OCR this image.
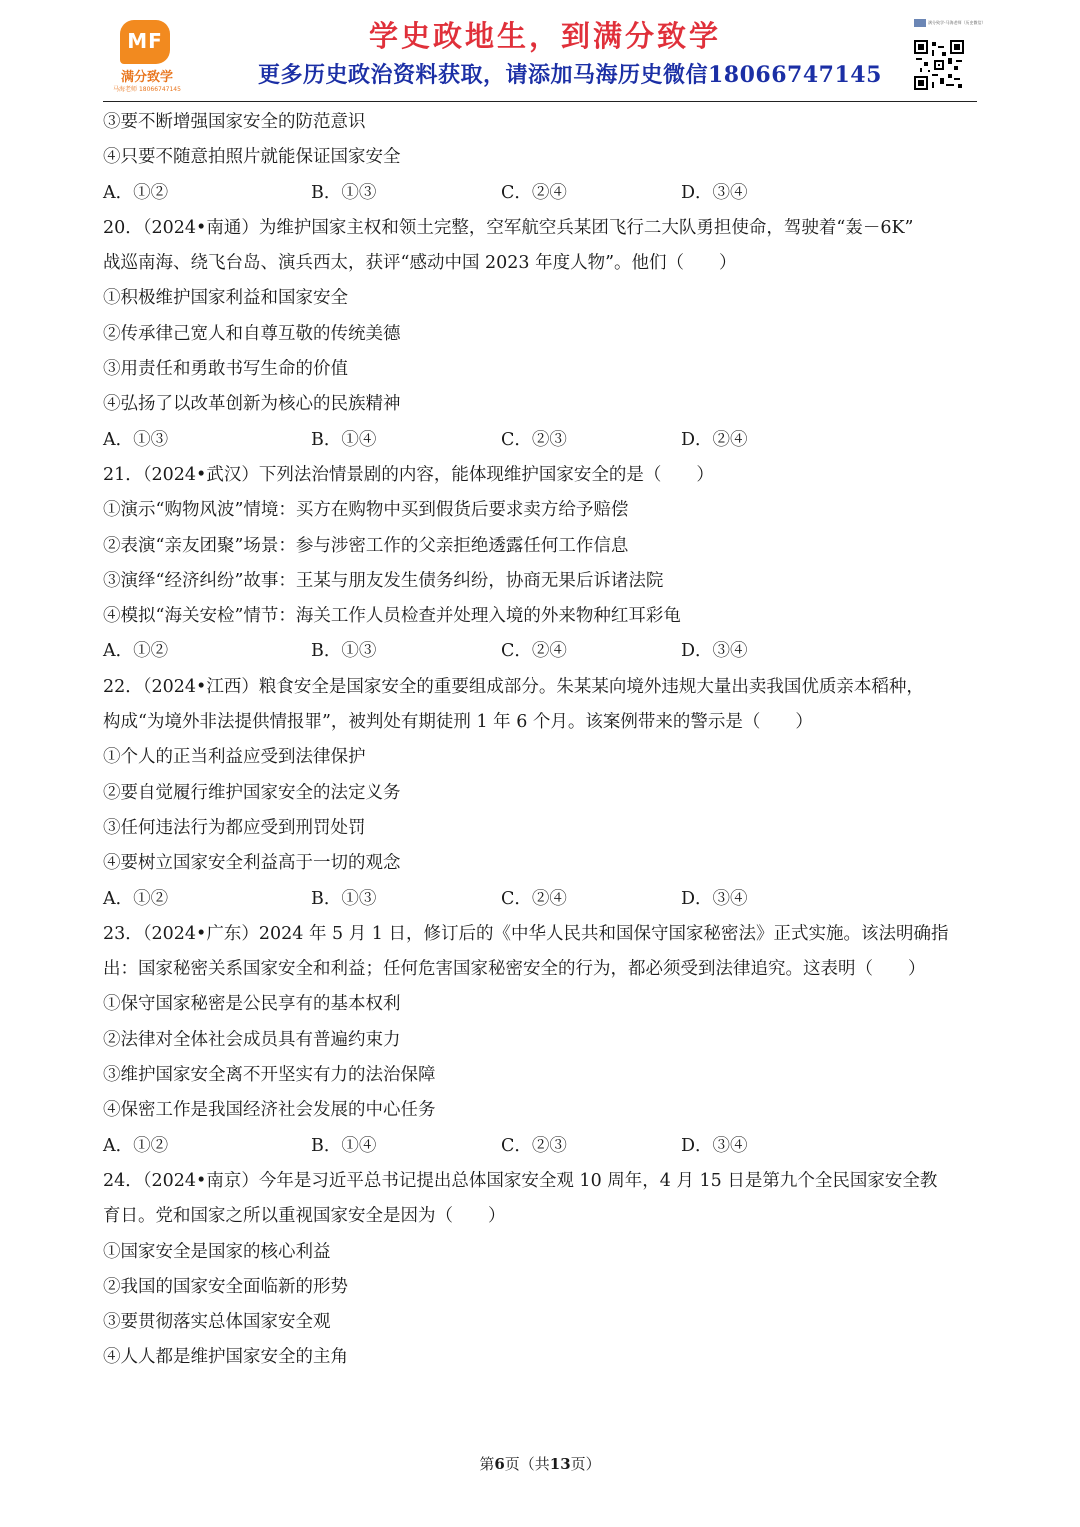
MF
满分致学
马海老师 18066747145
学史政地生，到满分致学
更多历史政治资料获取，请添加马海历史微信18066747145
满分致学-马海老师（历史微信）
③要不断增强国家安全的防范意识
④只要不随意拍照片就能保证国家安全
A．①②	B．①③	C．②④	D．③④
20．（2024•南通）为维护国家主权和领土完整，空军航空兵某团飞行二大队勇担使命，驾驶着“轰－6K”
战巡南海、绕飞台岛、演兵西太，获评“感动中国 2023 年度人物”。他们（　　）
①积极维护国家利益和国家安全
②传承律己宽人和自尊互敬的传统美德
③用责任和勇敢书写生命的价值
④弘扬了以改革创新为核心的民族精神
A．①③	B．①④	C．②③	D．②④
21．（2024•武汉）下列法治情景剧的内容，能体现维护国家安全的是（　　）
①演示“购物风波”情境：买方在购物中买到假货后要求卖方给予赔偿
②表演“亲友团聚”场景：参与涉密工作的父亲拒绝透露任何工作信息
③演绎“经济纠纷”故事：王某与朋友发生债务纠纷，协商无果后诉诸法院
④模拟“海关安检”情节：海关工作人员检查并处理入境的外来物种红耳彩龟
A．①②	B．①③	C．②④	D．③④
22．（2024•江西）粮食安全是国家安全的重要组成部分。朱某某向境外违规大量出卖我国优质亲本稻种，
构成“为境外非法提供情报罪”，被判处有期徒刑 1 年 6 个月。该案例带来的警示是（　　）
①个人的正当利益应受到法律保护
②要自觉履行维护国家安全的法定义务
③任何违法行为都应受到刑罚处罚
④要树立国家安全利益高于一切的观念
A．①②	B．①③	C．②④	D．③④
23．（2024•广东）2024 年 5 月 1 日，修订后的《中华人民共和国保守国家秘密法》正式实施。该法明确指
出：国家秘密关系国家安全和利益；任何危害国家秘密安全的行为，都必须受到法律追究。这表明（　　）
①保守国家秘密是公民享有的基本权利
②法律对全体社会成员具有普遍约束力
③维护国家安全离不开坚实有力的法治保障
④保密工作是我国经济社会发展的中心任务
A．①②	B．①④	C．②③	D．③④
24．（2024•南京）今年是习近平总书记提出总体国家安全观 10 周年，4 月 15 日是第九个全民国家安全教
育日。党和国家之所以重视国家安全是因为（　　）
①国家安全是国家的核心利益
②我国的国家安全面临新的形势
③要贯彻落实总体国家安全观
④人人都是维护国家安全的主角
第6页（共13页）
